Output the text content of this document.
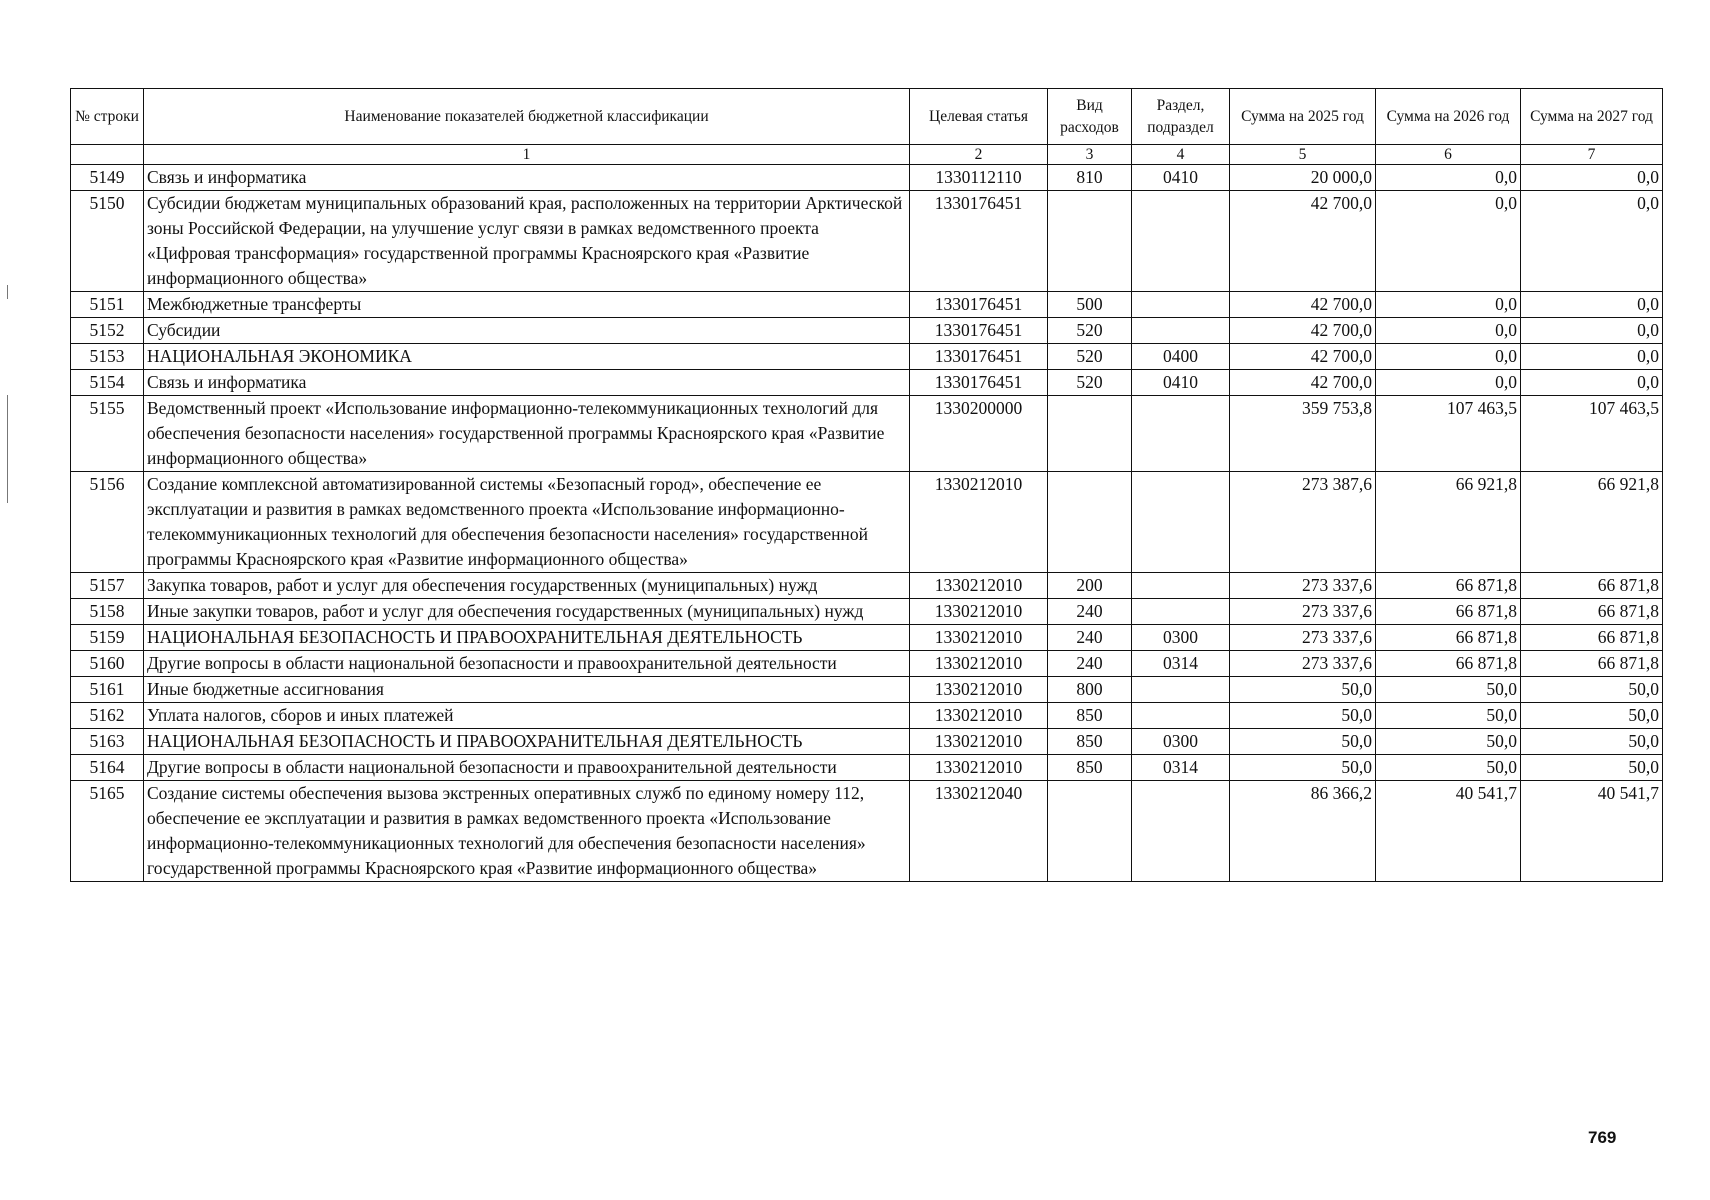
№ строки	Наименование показателей бюджетной классификации	Целевая статья	Вид расходов	Раздел, подраздел	Сумма на 2025 год	Сумма на 2026 год	Сумма на 2027 год
	1	2	3	4	5	6	7
5149	Связь и информатика	1330112110	810	0410	20 000,0	0,0	0,0
5150	Субсидии бюджетам муниципальных образований края, расположенных на территории Арктической зоны Российской Федерации, на улучшение услуг связи в рамках ведомственного проекта «Цифровая трансформация» государственной программы Красноярского края «Развитие информационного общества»	1330176451			42 700,0	0,0	0,0
5151	Межбюджетные трансферты	1330176451	500		42 700,0	0,0	0,0
5152	Субсидии	1330176451	520		42 700,0	0,0	0,0
5153	НАЦИОНАЛЬНАЯ ЭКОНОМИКА	1330176451	520	0400	42 700,0	0,0	0,0
5154	Связь и информатика	1330176451	520	0410	42 700,0	0,0	0,0
5155	Ведомственный проект «Использование информационно-телекоммуникационных технологий для обеспечения безопасности населения» государственной программы Красноярского края «Развитие информационного общества»	1330200000			359 753,8	107 463,5	107 463,5
5156	Создание комплексной автоматизированной системы «Безопасный город», обеспечение ее эксплуатации и развития в рамках ведомственного проекта «Использование информационно-телекоммуникационных технологий для обеспечения безопасности населения» государственной программы Красноярского края «Развитие информационного общества»	1330212010			273 387,6	66 921,8	66 921,8
5157	Закупка товаров, работ и услуг для обеспечения государственных (муниципальных) нужд	1330212010	200		273 337,6	66 871,8	66 871,8
5158	Иные закупки товаров, работ и услуг для обеспечения государственных (муниципальных) нужд	1330212010	240		273 337,6	66 871,8	66 871,8
5159	НАЦИОНАЛЬНАЯ БЕЗОПАСНОСТЬ И ПРАВООХРАНИТЕЛЬНАЯ ДЕЯТЕЛЬНОСТЬ	1330212010	240	0300	273 337,6	66 871,8	66 871,8
5160	Другие вопросы в области национальной безопасности и правоохранительной деятельности	1330212010	240	0314	273 337,6	66 871,8	66 871,8
5161	Иные бюджетные ассигнования	1330212010	800		50,0	50,0	50,0
5162	Уплата налогов, сборов и иных платежей	1330212010	850		50,0	50,0	50,0
5163	НАЦИОНАЛЬНАЯ БЕЗОПАСНОСТЬ И ПРАВООХРАНИТЕЛЬНАЯ ДЕЯТЕЛЬНОСТЬ	1330212010	850	0300	50,0	50,0	50,0
5164	Другие вопросы в области национальной безопасности и правоохранительной деятельности	1330212010	850	0314	50,0	50,0	50,0
5165	Создание системы обеспечения вызова экстренных оперативных служб по единому номеру 112, обеспечение ее эксплуатации и развития в рамках ведомственного проекта «Использование информационно-телекоммуникационных технологий для обеспечения безопасности населения» государственной программы Красноярского края «Развитие информационного общества»	1330212040			86 366,2	40 541,7	40 541,7
769
